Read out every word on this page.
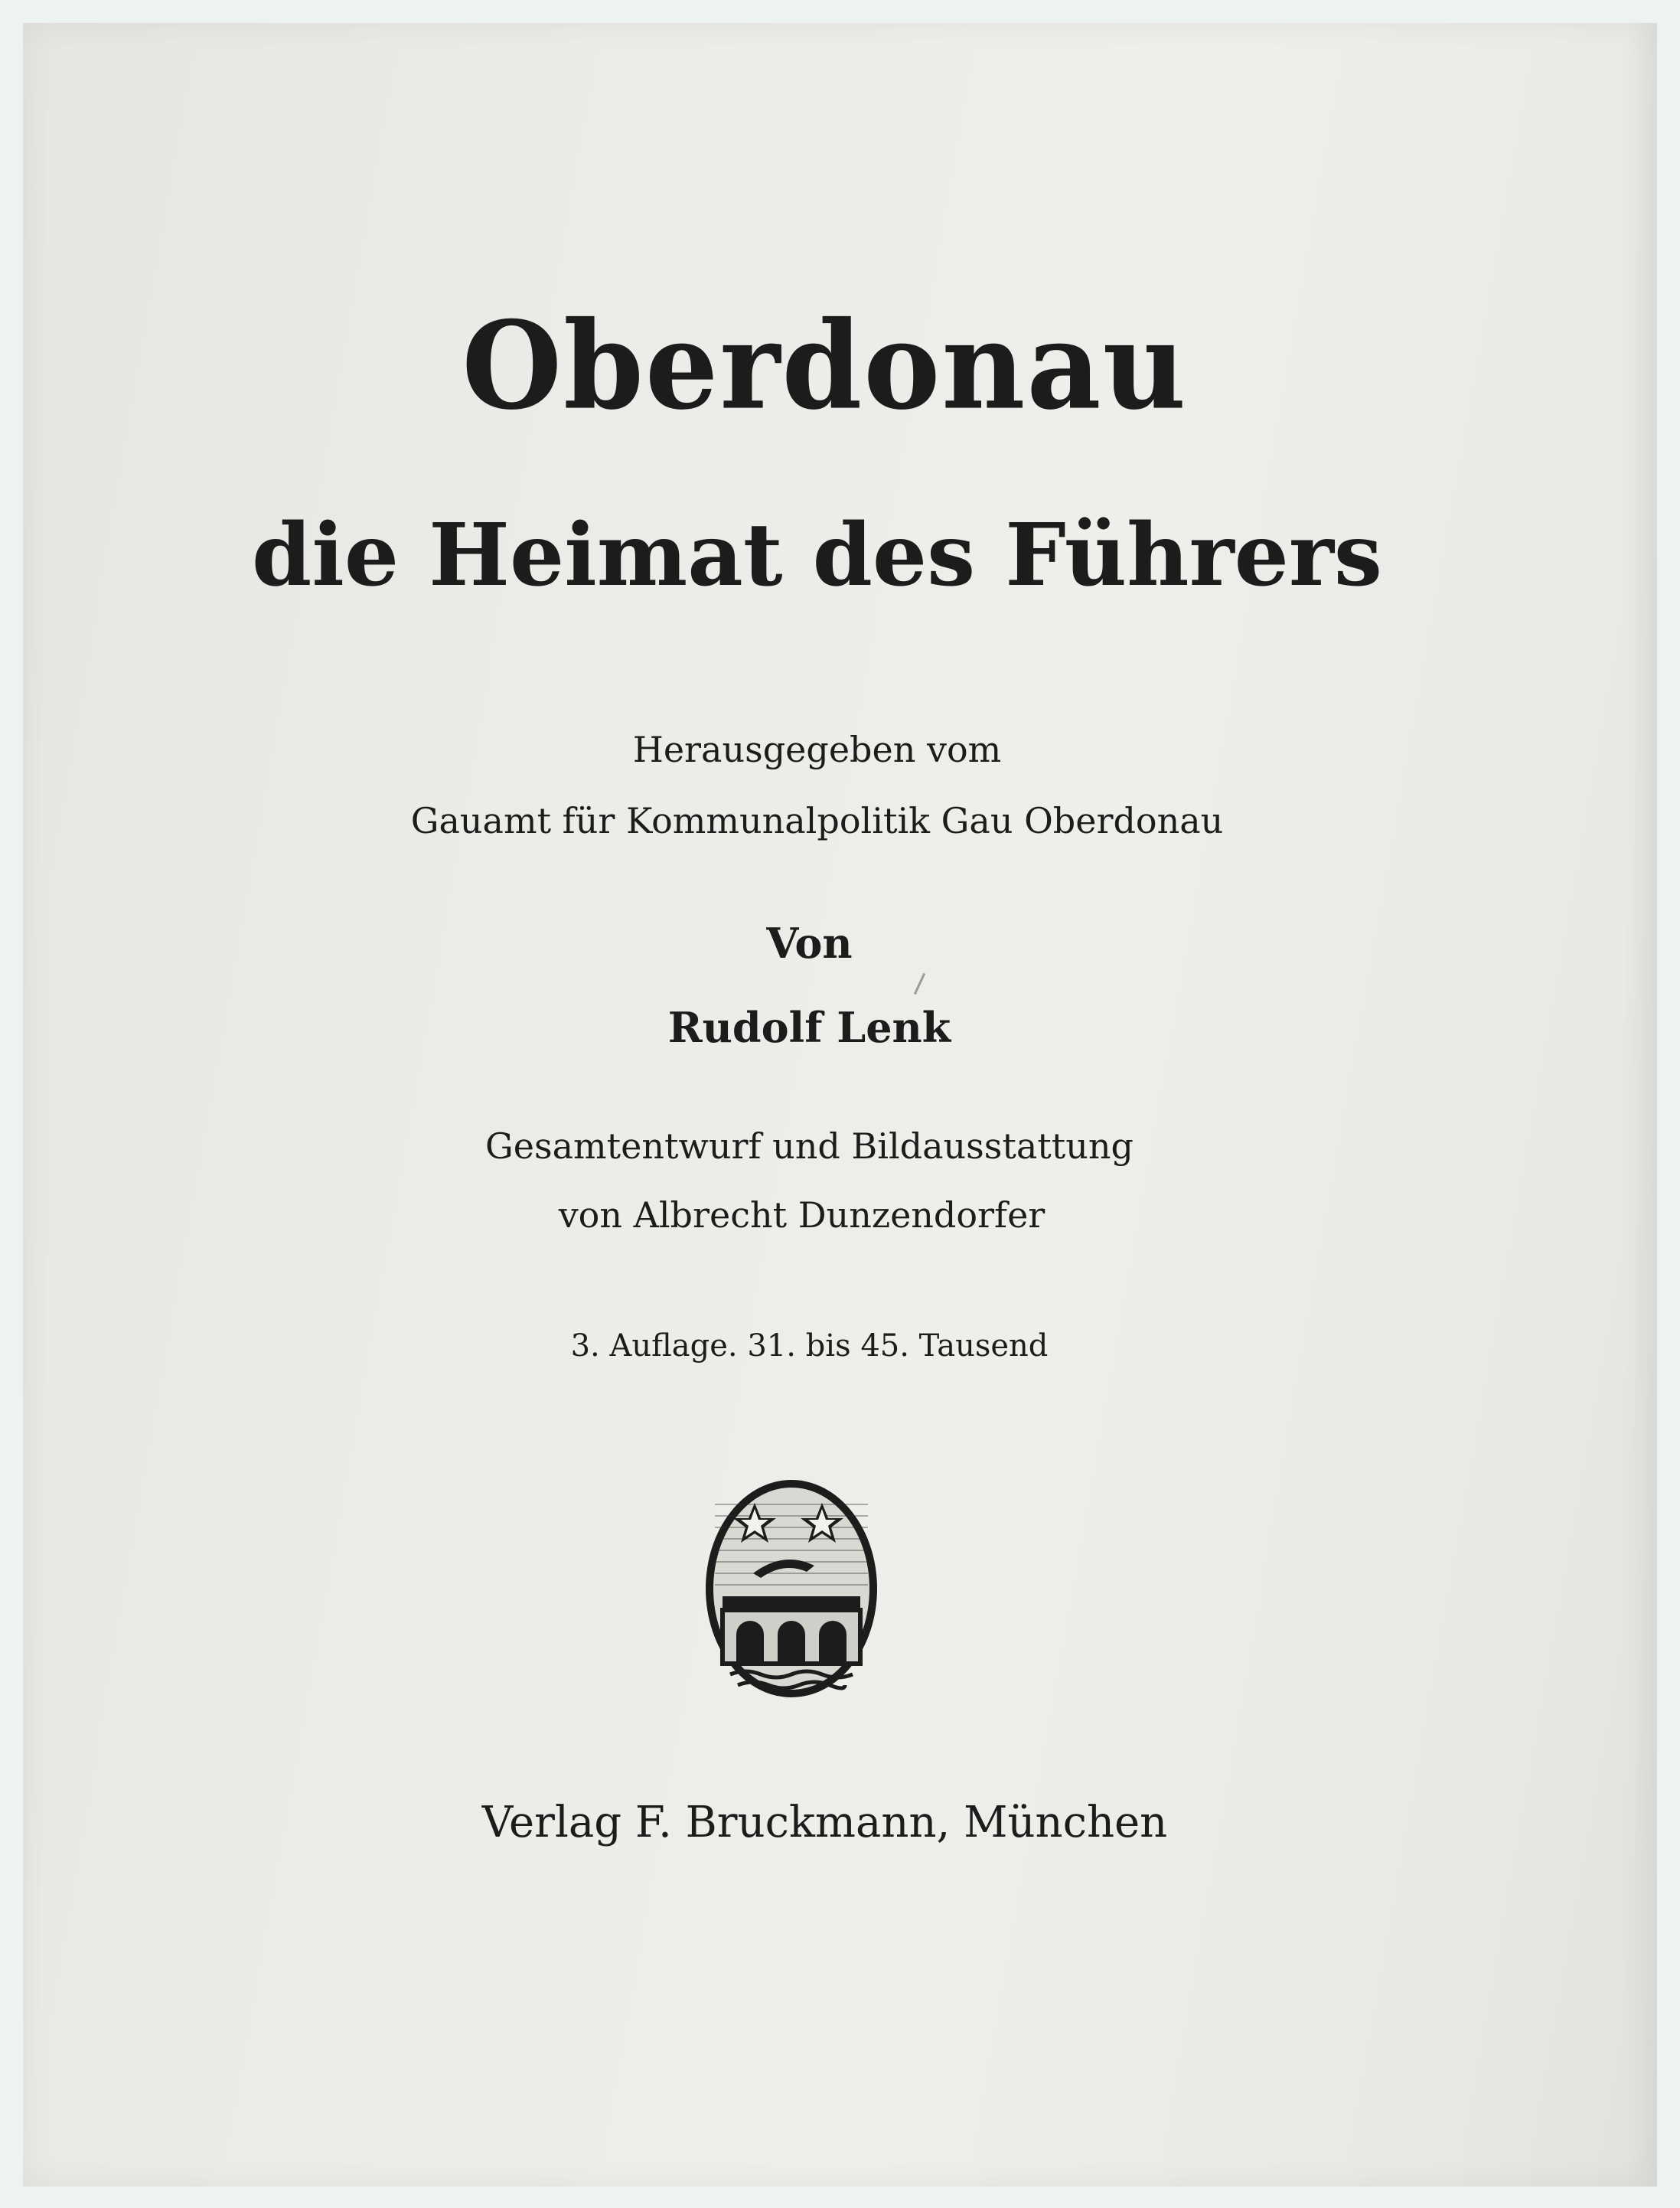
Oberdonau
die Heimat des Führers
Herausgegeben vom
Gauamt für Kommunalpolitik Gau Oberdonau
Von
Rudolf Lenk
Gesamtentwurf und Bildausstattung
von Albrecht Dunzendorfer
3. Auflage. 31. bis 45. Tausend
Verlag F. Bruckmann, München
